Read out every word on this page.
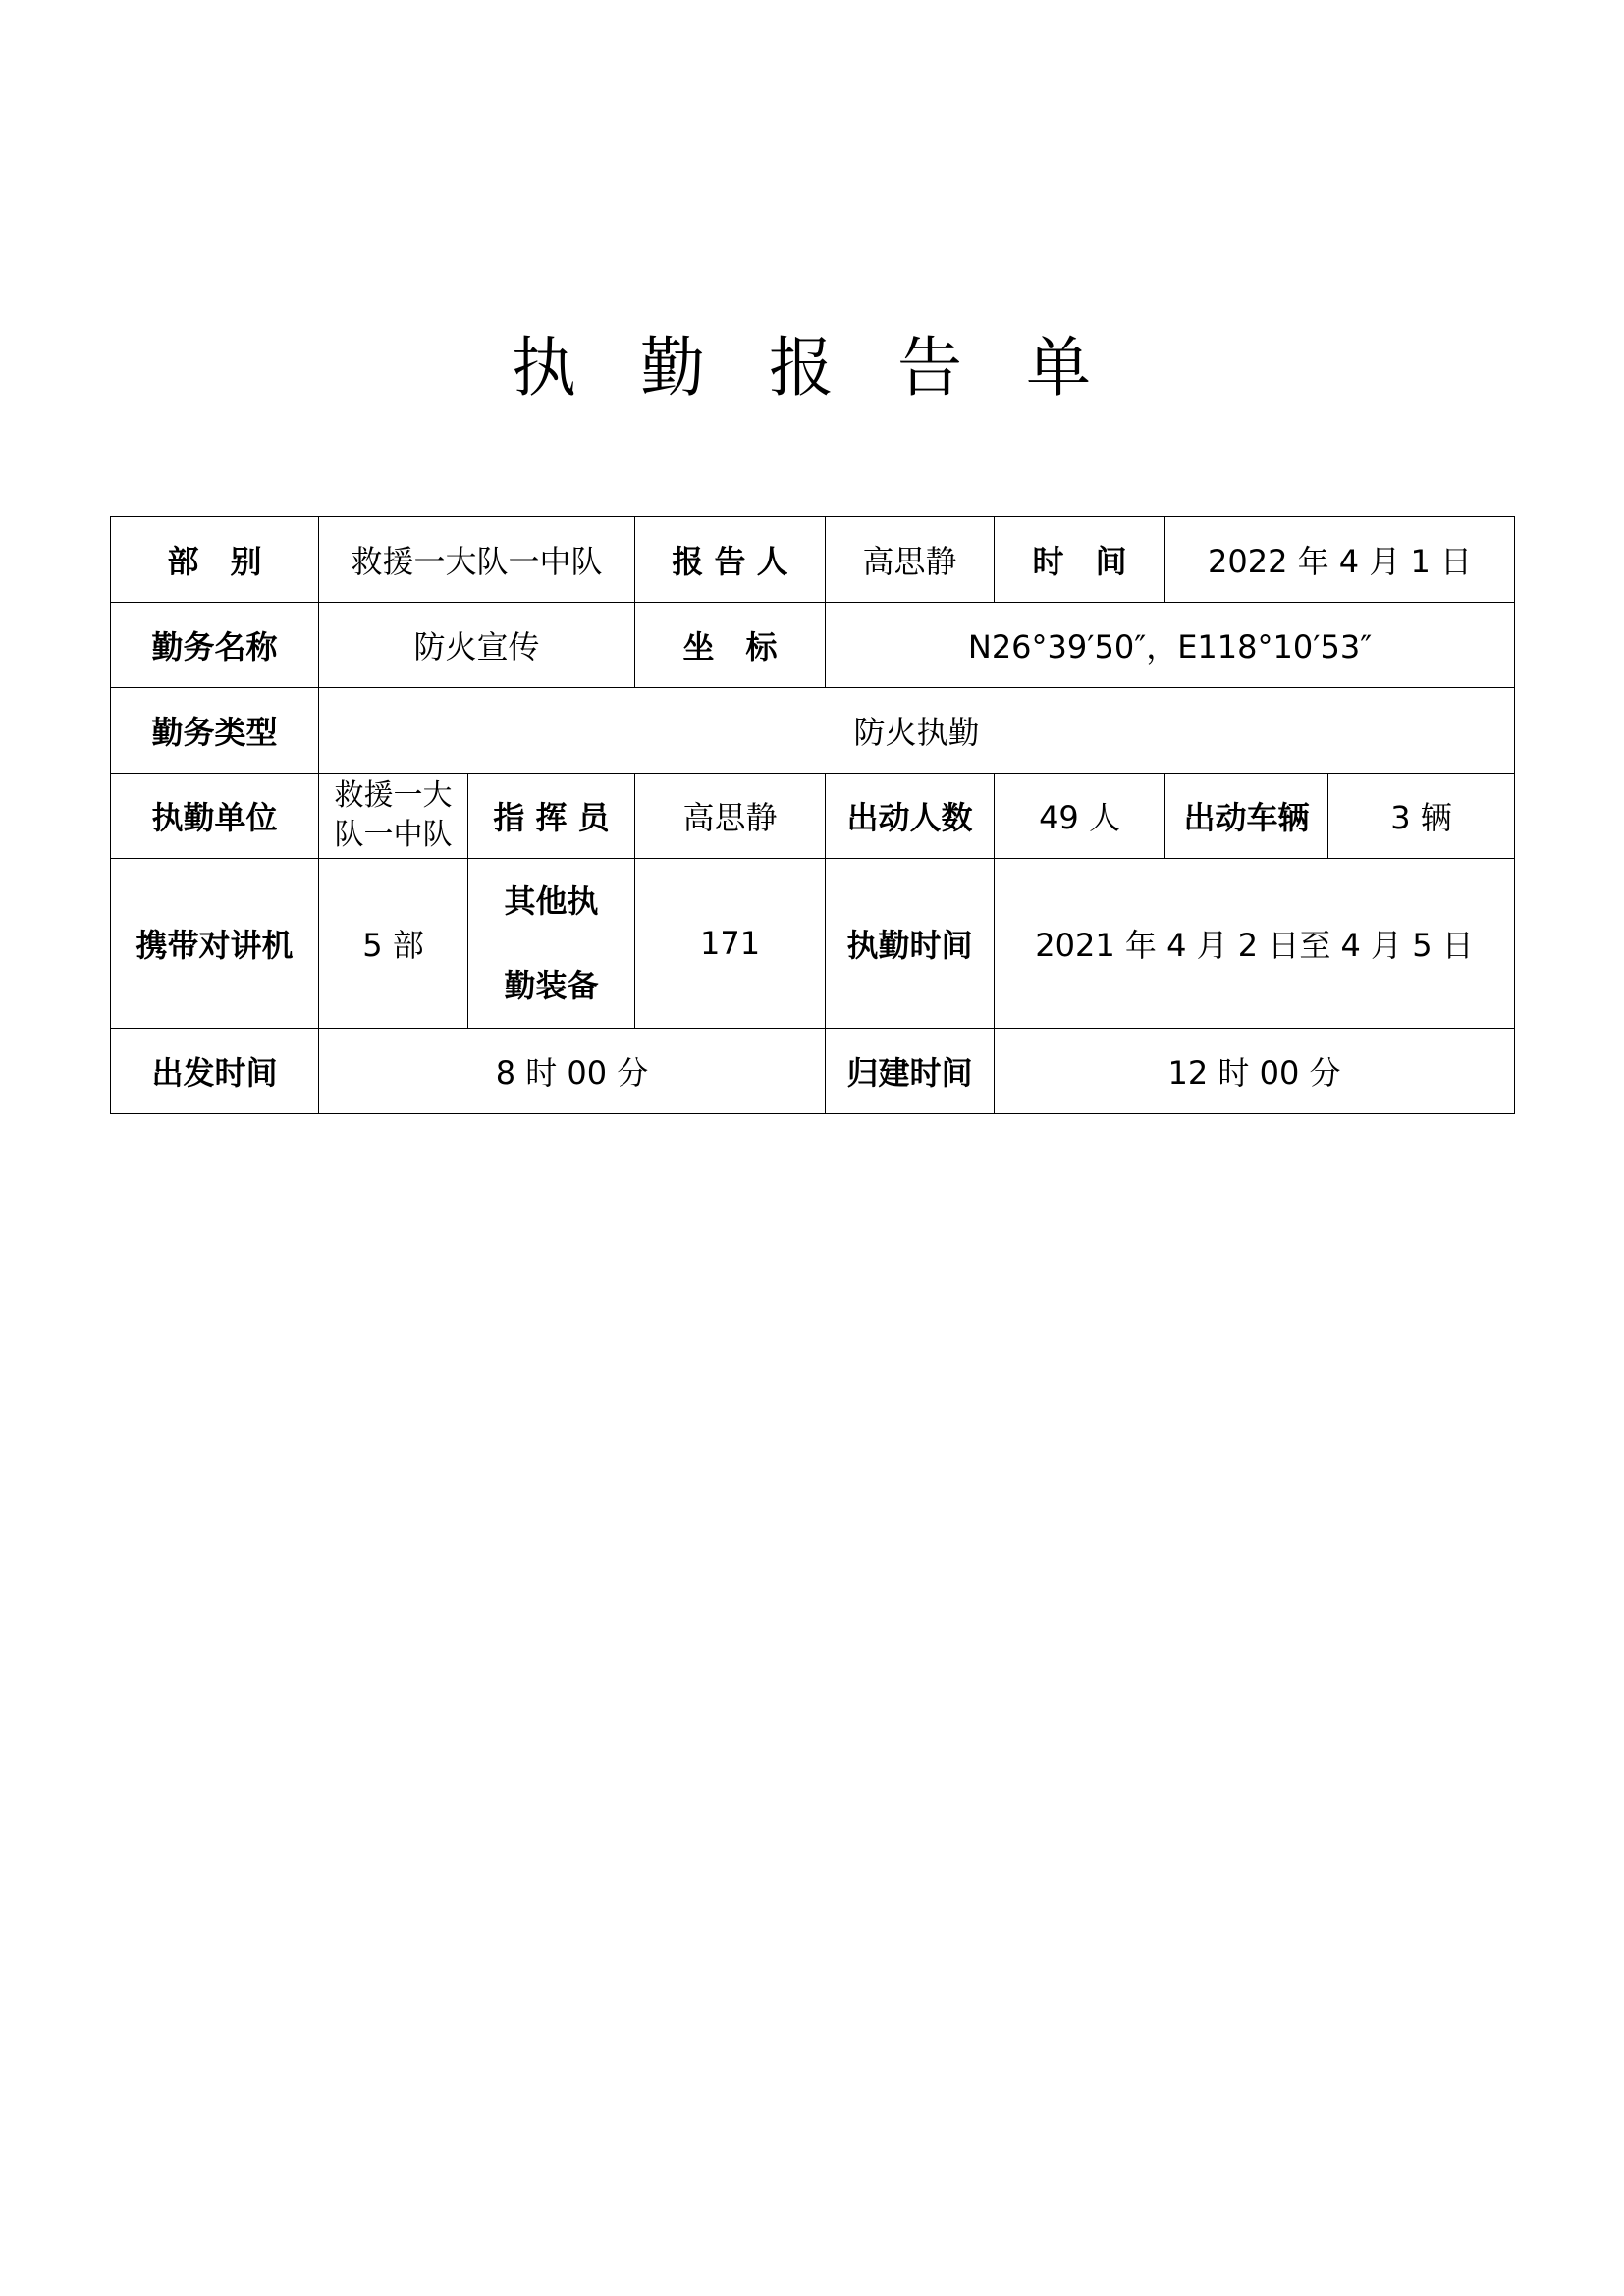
执 勤 报 告 单
部　别	救援一大队一中队		报 告 人	高思静	时　间	2022 年 4 月 1 日	
勤务名称	防火宣传		坐　标	N26°39′50″，E118°10′53″			
勤务类型	防火执勤						
执勤单位	救援一大队一中队	指 挥 员	高思静	出动人数	49 人	出动车辆	3 辆
携带对讲机	5 部	其他执勤装备	171	执勤时间	2021 年 4 月 2 日至 4 月 5 日		
出发时间	8 时 00 分			归建时间	12 时 00 分		
